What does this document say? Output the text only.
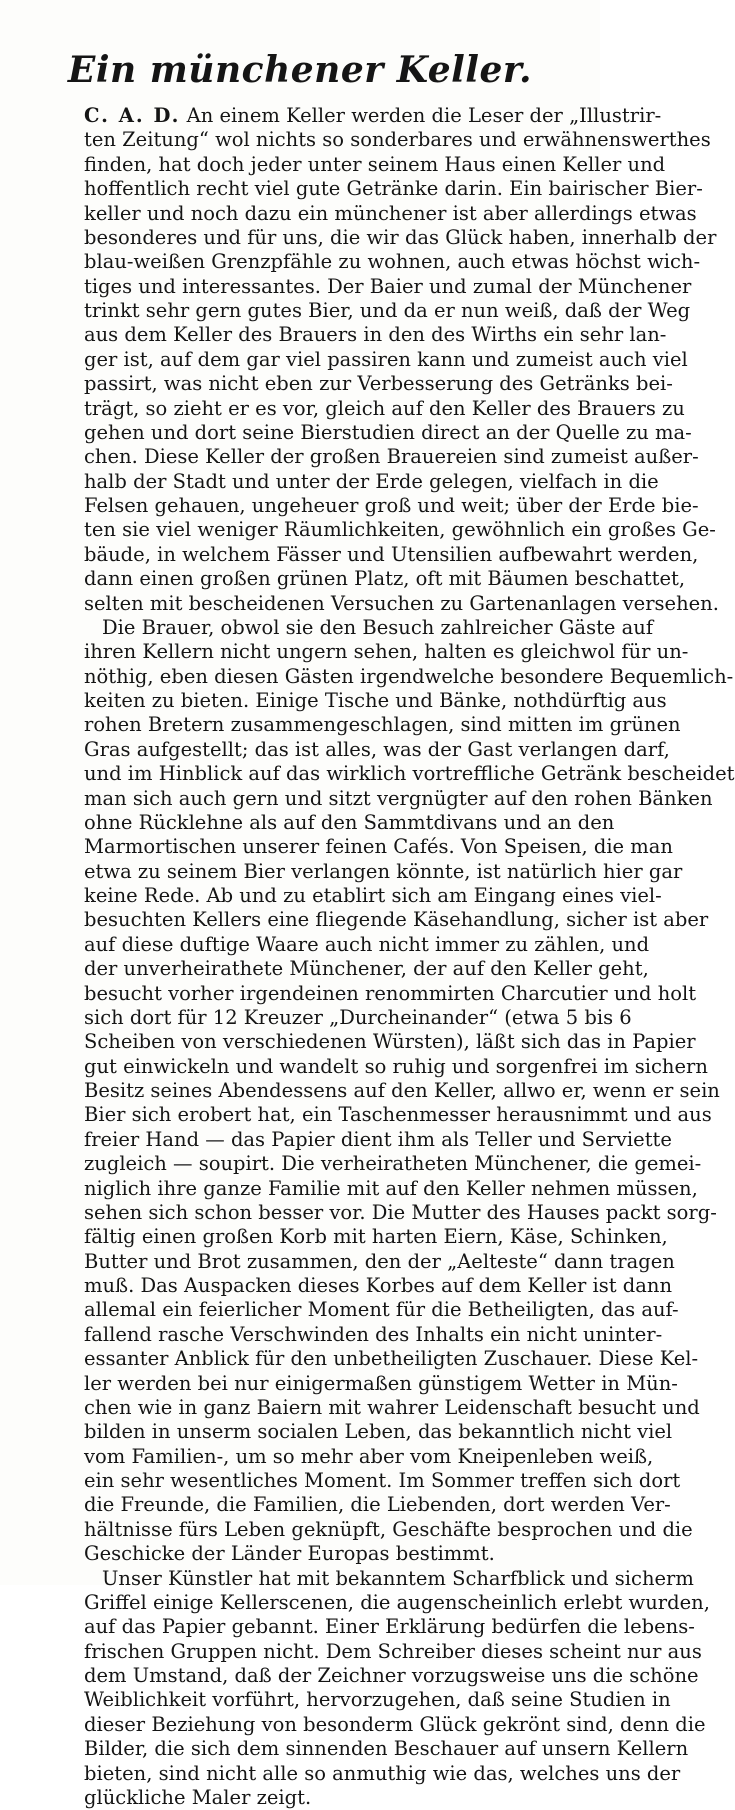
Ein münchener Keller.
C. A. D. An einem Keller werden die Leser der „Illustrir-
ten Zeitung“ wol nichts so sonderbares und erwähnenswerthes
finden, hat doch jeder unter seinem Haus einen Keller und
hoffentlich recht viel gute Getränke darin. Ein bairischer Bier-
keller und noch dazu ein münchener ist aber allerdings etwas
besonderes und für uns, die wir das Glück haben, innerhalb der
blau-weißen Grenzpfähle zu wohnen, auch etwas höchst wich-
tiges und interessantes. Der Baier und zumal der Münchener
trinkt sehr gern gutes Bier, und da er nun weiß, daß der Weg
aus dem Keller des Brauers in den des Wirths ein sehr lan-
ger ist, auf dem gar viel passiren kann und zumeist auch viel
passirt, was nicht eben zur Verbesserung des Getränks bei-
trägt, so zieht er es vor, gleich auf den Keller des Brauers zu
gehen und dort seine Bierstudien direct an der Quelle zu ma-
chen. Diese Keller der großen Brauereien sind zumeist außer-
halb der Stadt und unter der Erde gelegen, vielfach in die
Felsen gehauen, ungeheuer groß und weit; über der Erde bie-
ten sie viel weniger Räumlichkeiten, gewöhnlich ein großes Ge-
bäude, in welchem Fässer und Utensilien aufbewahrt werden,
dann einen großen grünen Platz, oft mit Bäumen beschattet,
selten mit bescheidenen Versuchen zu Gartenanlagen versehen.
Die Brauer, obwol sie den Besuch zahlreicher Gäste auf
ihren Kellern nicht ungern sehen, halten es gleichwol für un-
nöthig, eben diesen Gästen irgendwelche besondere Bequemlich-
keiten zu bieten. Einige Tische und Bänke, nothdürftig aus
rohen Bretern zusammengeschlagen, sind mitten im grünen
Gras aufgestellt; das ist alles, was der Gast verlangen darf,
und im Hinblick auf das wirklich vortreffliche Getränk bescheidet
man sich auch gern und sitzt vergnügter auf den rohen Bänken
ohne Rücklehne als auf den Sammtdivans und an den
Marmortischen unserer feinen Cafés. Von Speisen, die man
etwa zu seinem Bier verlangen könnte, ist natürlich hier gar
keine Rede. Ab und zu etablirt sich am Eingang eines viel-
besuchten Kellers eine fliegende Käsehandlung, sicher ist aber
auf diese duftige Waare auch nicht immer zu zählen, und
der unverheirathete Münchener, der auf den Keller geht,
besucht vorher irgendeinen renommirten Charcutier und holt
sich dort für 12 Kreuzer „Durcheinander“ (etwa 5 bis 6
Scheiben von verschiedenen Würsten), läßt sich das in Papier
gut einwickeln und wandelt so ruhig und sorgenfrei im sichern
Besitz seines Abendessens auf den Keller, allwo er, wenn er sein
Bier sich erobert hat, ein Taschenmesser herausnimmt und aus
freier Hand — das Papier dient ihm als Teller und Serviette
zugleich — soupirt. Die verheiratheten Münchener, die gemei-
niglich ihre ganze Familie mit auf den Keller nehmen müssen,
sehen sich schon besser vor. Die Mutter des Hauses packt sorg-
fältig einen großen Korb mit harten Eiern, Käse, Schinken,
Butter und Brot zusammen, den der „Aelteste“ dann tragen
muß. Das Auspacken dieses Korbes auf dem Keller ist dann
allemal ein feierlicher Moment für die Betheiligten, das auf-
fallend rasche Verschwinden des Inhalts ein nicht uninter-
essanter Anblick für den unbetheiligten Zuschauer. Diese Kel-
ler werden bei nur einigermaßen günstigem Wetter in Mün-
chen wie in ganz Baiern mit wahrer Leidenschaft besucht und
bilden in unserm socialen Leben, das bekanntlich nicht viel
vom Familien-, um so mehr aber vom Kneipenleben weiß,
ein sehr wesentliches Moment. Im Sommer treffen sich dort
die Freunde, die Familien, die Liebenden, dort werden Ver-
hältnisse fürs Leben geknüpft, Geschäfte besprochen und die
Geschicke der Länder Europas bestimmt.
Unser Künstler hat mit bekanntem Scharfblick und sicherm
Griffel einige Kellerscenen, die augenscheinlich erlebt wurden,
auf das Papier gebannt. Einer Erklärung bedürfen die lebens-
frischen Gruppen nicht. Dem Schreiber dieses scheint nur aus
dem Umstand, daß der Zeichner vorzugsweise uns die schöne
Weiblichkeit vorführt, hervorzugehen, daß seine Studien in
dieser Beziehung von besonderm Glück gekrönt sind, denn die
Bilder, die sich dem sinnenden Beschauer auf unsern Kellern
bieten, sind nicht alle so anmuthig wie das, welches uns der
glückliche Maler zeigt.
